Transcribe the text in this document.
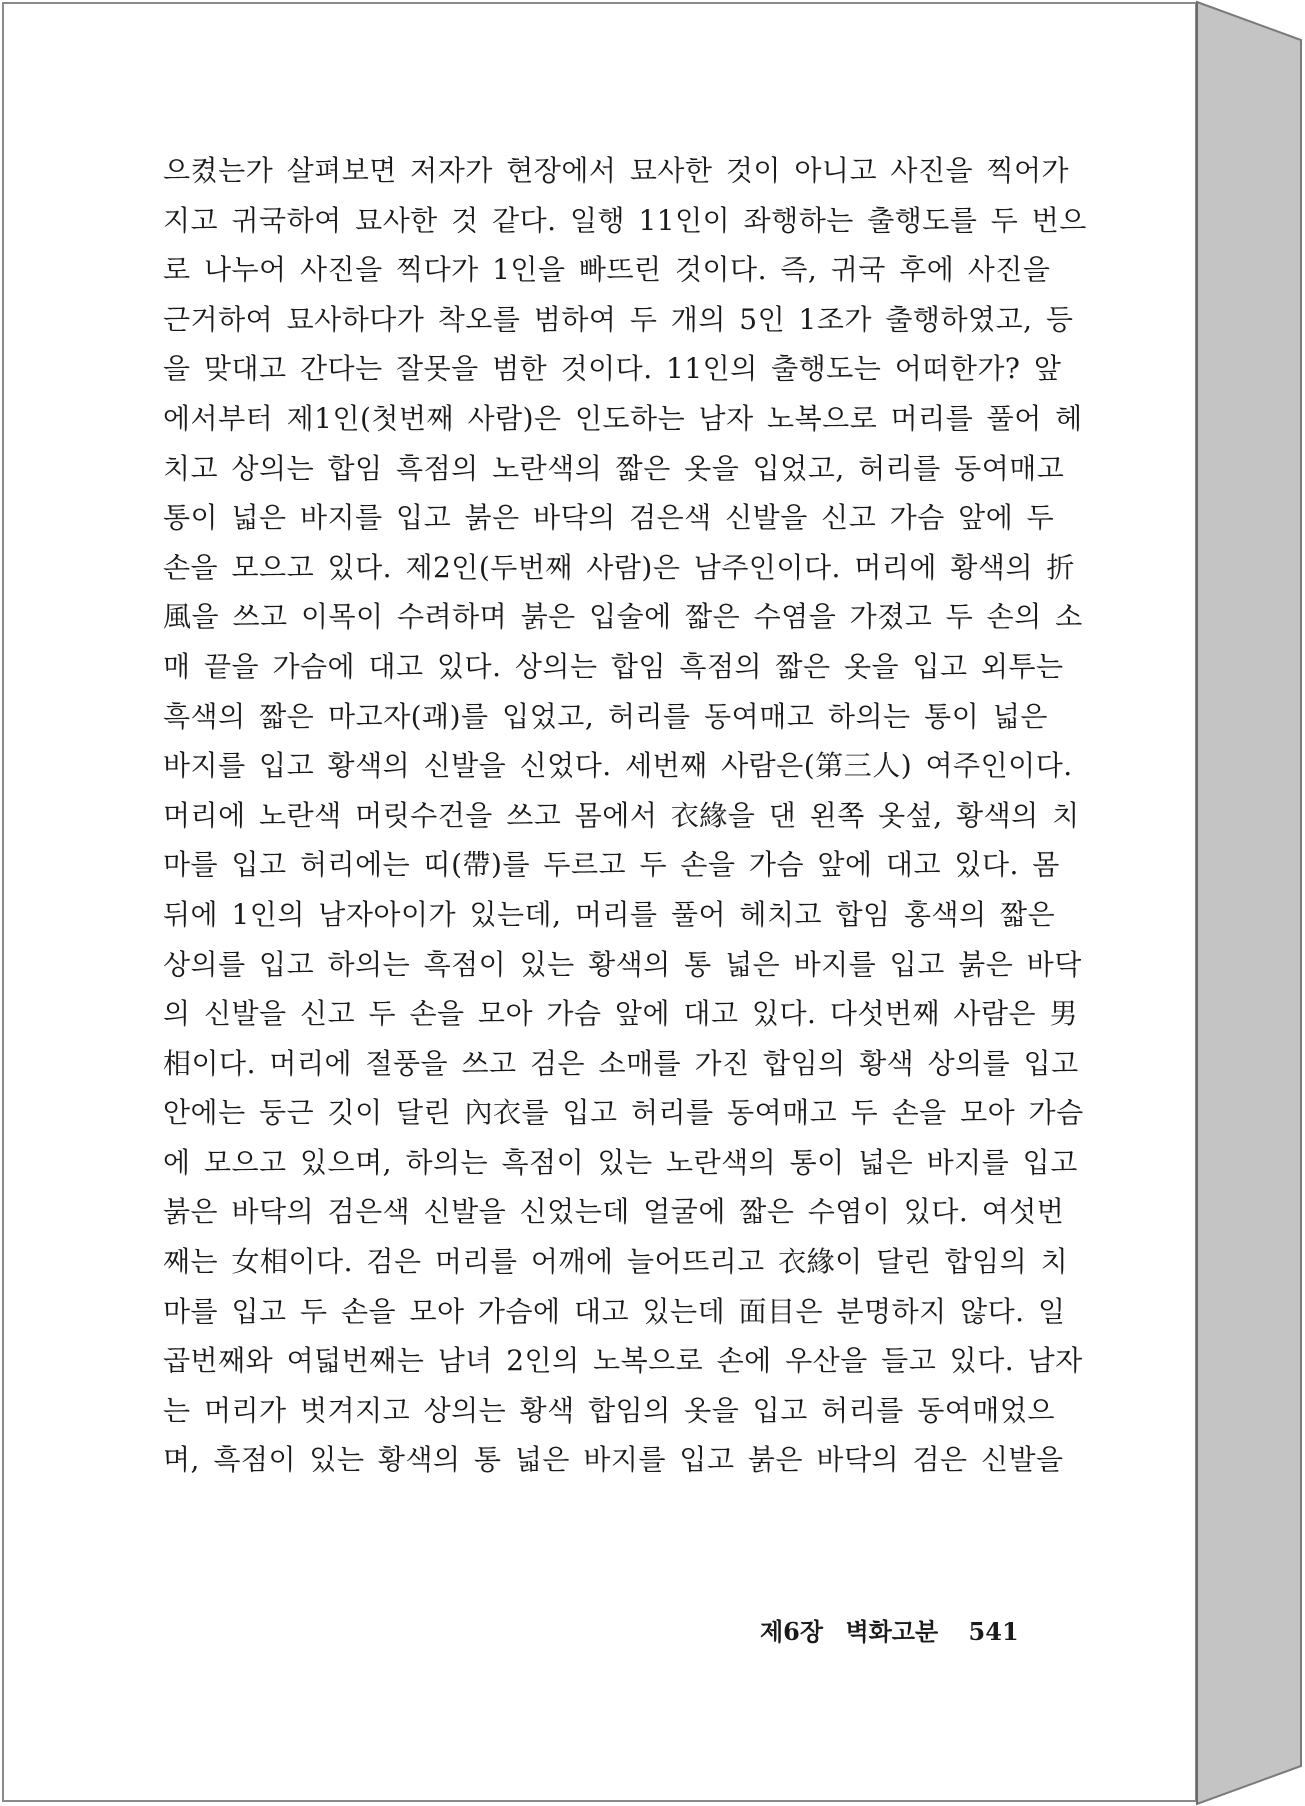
으켰는가 살펴보면 저자가 현장에서 묘사한 것이 아니고 사진을 찍어가
지고 귀국하여 묘사한 것 같다. 일행 11인이 좌행하는 출행도를 두 번으
로 나누어 사진을 찍다가 1인을 빠뜨린 것이다. 즉, 귀국 후에 사진을
근거하여 묘사하다가 착오를 범하여 두 개의 5인 1조가 출행하였고, 등
을 맞대고 간다는 잘못을 범한 것이다. 11인의 출행도는 어떠한가? 앞
에서부터 제1인(첫번째 사람)은 인도하는 남자 노복으로 머리를 풀어 헤
치고 상의는 합임 흑점의 노란색의 짧은 옷을 입었고, 허리를 동여매고
통이 넓은 바지를 입고 붉은 바닥의 검은색 신발을 신고 가슴 앞에 두
손을 모으고 있다. 제2인(두번째 사람)은 남주인이다. 머리에 황색의 折
風을 쓰고 이목이 수려하며 붉은 입술에 짧은 수염을 가졌고 두 손의 소
매 끝을 가슴에 대고 있다. 상의는 합임 흑점의 짧은 옷을 입고 외투는
흑색의 짧은 마고자(괘)를 입었고, 허리를 동여매고 하의는 통이 넓은
바지를 입고 황색의 신발을 신었다. 세번째 사람은(第三人) 여주인이다.
머리에 노란색 머릿수건을 쓰고 몸에서 衣緣을 댄 왼쪽 옷섶, 황색의 치
마를 입고 허리에는 띠(帶)를 두르고 두 손을 가슴 앞에 대고 있다. 몸
뒤에 1인의 남자아이가 있는데, 머리를 풀어 헤치고 합임 홍색의 짧은
상의를 입고 하의는 흑점이 있는 황색의 통 넓은 바지를 입고 붉은 바닥
의 신발을 신고 두 손을 모아 가슴 앞에 대고 있다. 다섯번째 사람은 男
相이다. 머리에 절풍을 쓰고 검은 소매를 가진 합임의 황색 상의를 입고
안에는 둥근 깃이 달린 內衣를 입고 허리를 동여매고 두 손을 모아 가슴
에 모으고 있으며, 하의는 흑점이 있는 노란색의 통이 넓은 바지를 입고
붉은 바닥의 검은색 신발을 신었는데 얼굴에 짧은 수염이 있다. 여섯번
째는 女相이다. 검은 머리를 어깨에 늘어뜨리고 衣緣이 달린 합임의 치
마를 입고 두 손을 모아 가슴에 대고 있는데 面目은 분명하지 않다. 일
곱번째와 여덟번째는 남녀 2인의 노복으로 손에 우산을 들고 있다. 남자
는 머리가 벗겨지고 상의는 황색 합임의 옷을 입고 허리를 동여매었으
며, 흑점이 있는 황색의 통 넓은 바지를 입고 붉은 바닥의 검은 신발을
제6장 벽화고분 541
